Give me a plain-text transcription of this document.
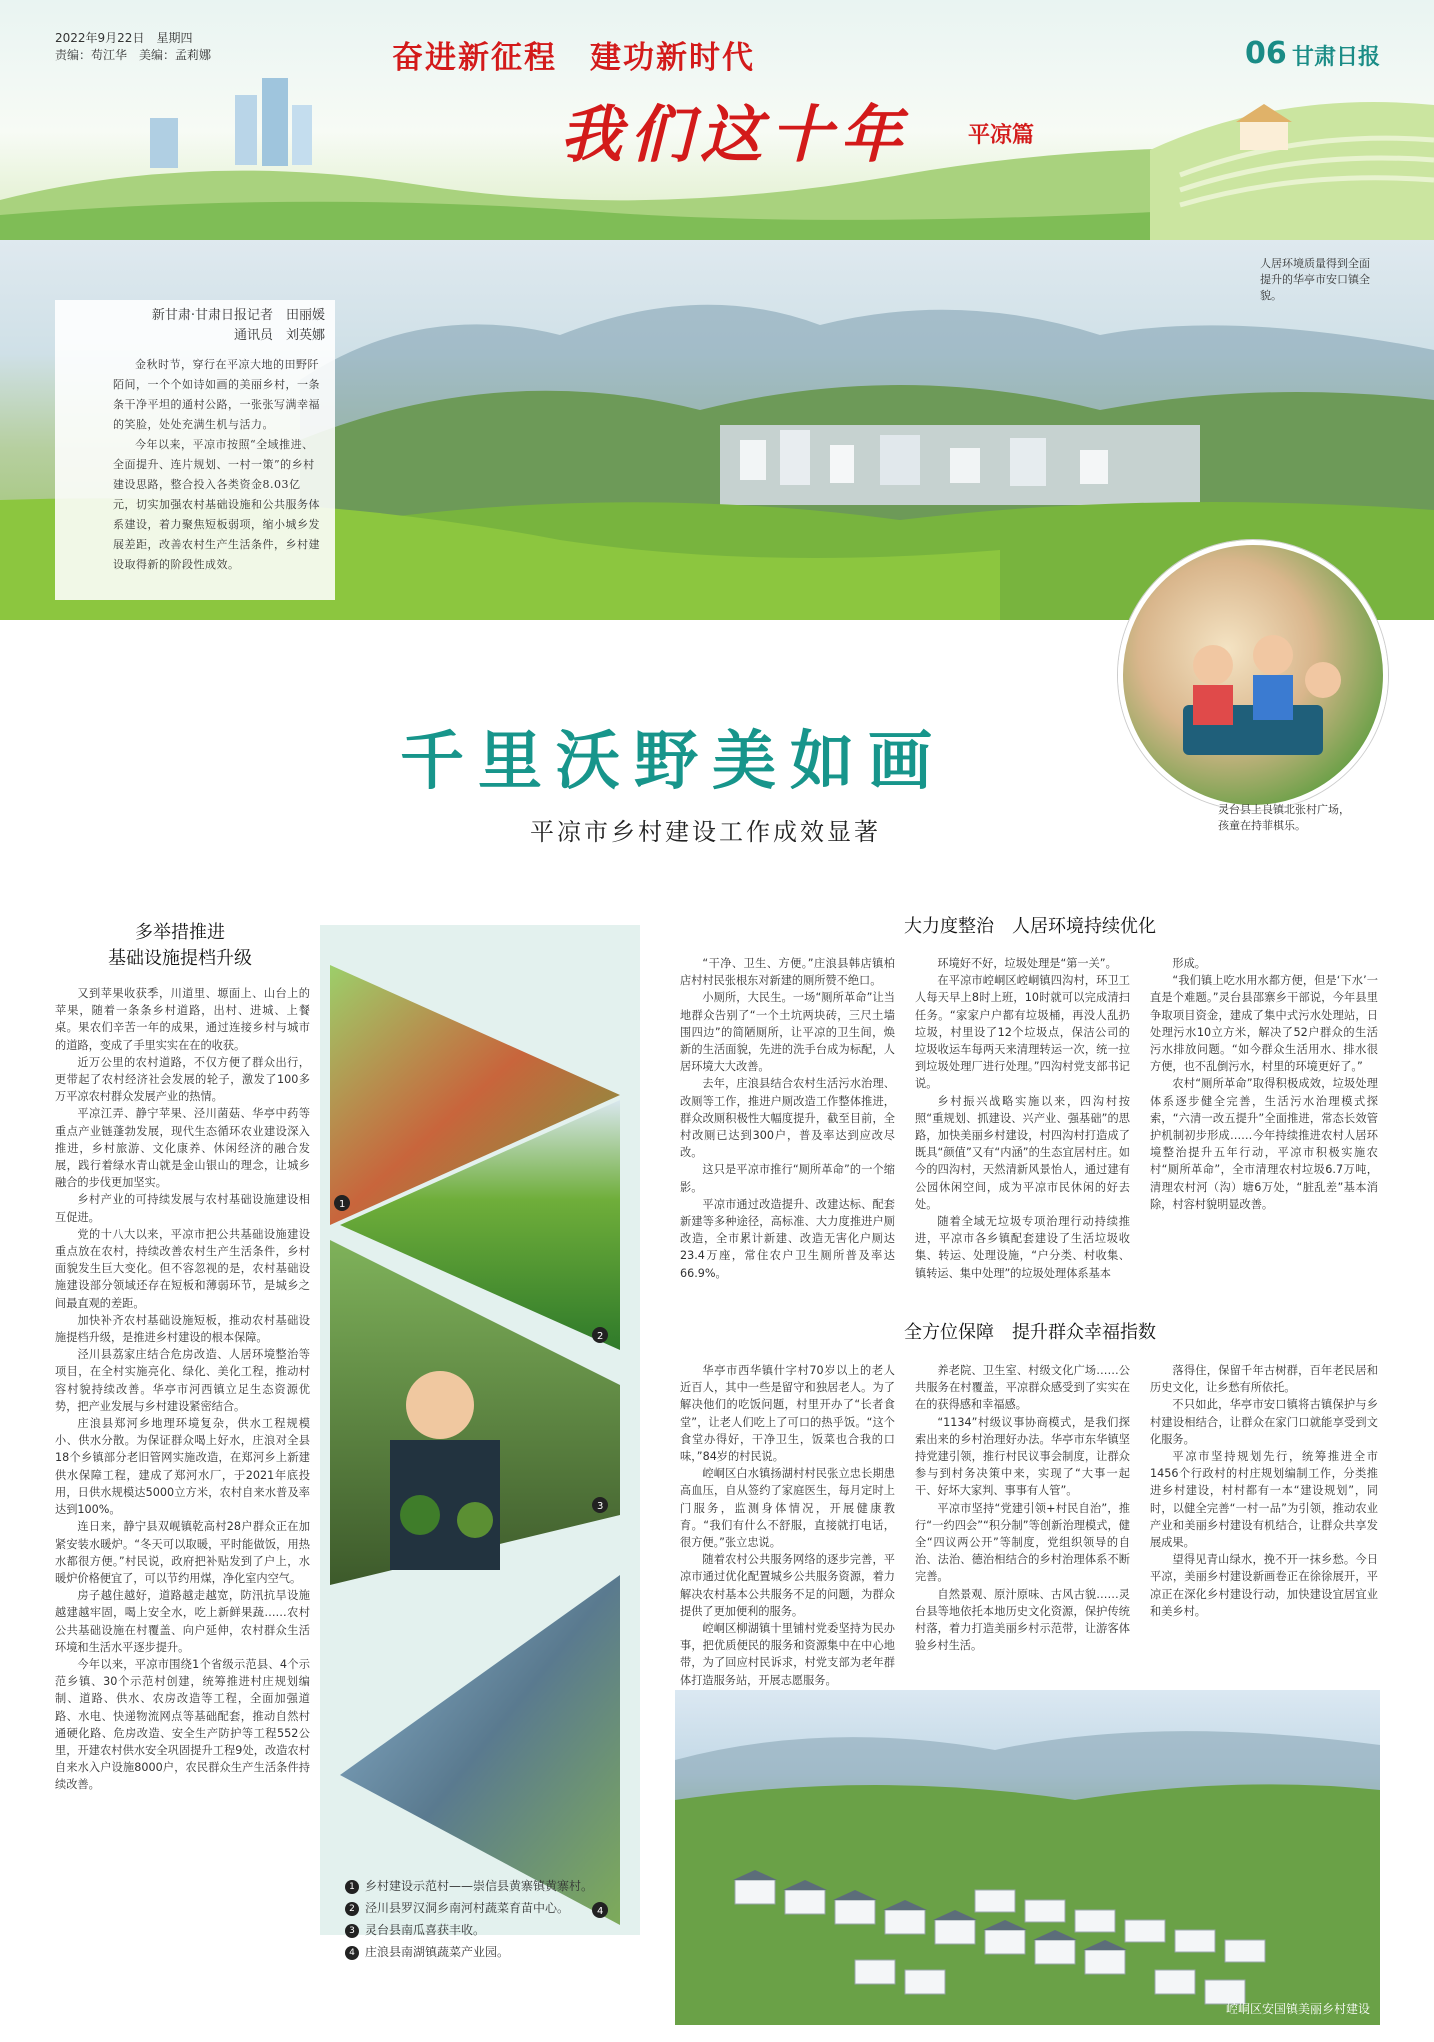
2022年9月22日　星期四
责编：苟江华　美编：孟莉娜	奋进新征程　建功新时代
我们这十年	平凉篇
06 甘肃日报
人居环境质量得到全面提升的华亭市安口镇全貌。
新甘肃·甘肃日报记者　田丽媛
通讯员　刘英娜
金秋时节，穿行在平凉大地的田野阡陌间，一个个如诗如画的美丽乡村，一条条干净平坦的通村公路，一张张写满幸福的笑脸，处处充满生机与活力。
今年以来，平凉市按照“全域推进、全面提升、连片规划、一村一策”的乡村建设思路，整合投入各类资金8.03亿元，切实加强农村基础设施和公共服务体系建设，着力聚焦短板弱项，缩小城乡发展差距，改善农村生产生活条件，乡村建设取得新的阶段性成效。
灵台县上良镇北张村广场，孩童在持菲棋乐。
千里沃野美如画
平凉市乡村建设工作成效显著
多举措推进
基础设施提档升级

又到苹果收获季，川道里、塬面上、山台上的苹果，随着一条条乡村道路，出村、进城、上餐桌。果农们辛苦一年的成果，通过连接乡村与城市的道路，变成了手里实实在在的收获。

近万公里的农村道路，不仅方便了群众出行，更带起了农村经济社会发展的轮子，激发了100多万平凉农村群众发展产业的热情。

平凉江弄、静宁苹果、泾川菌菇、华亭中药等重点产业链蓬勃发展，现代生态循环农业建设深入推进，乡村旅游、文化康养、休闲经济的融合发展，践行着绿水青山就是金山银山的理念，让城乡融合的步伐更加坚实。

乡村产业的可持续发展与农村基础设施建设相互促进。

党的十八大以来，平凉市把公共基础设施建设重点放在农村，持续改善农村生产生活条件，乡村面貌发生巨大变化。但不容忽视的是，农村基础设施建设部分领域还存在短板和薄弱环节，是城乡之间最直观的差距。

加快补齐农村基础设施短板，推动农村基础设施提档升级，是推进乡村建设的根本保障。

泾川县荔家庄结合危房改造、人居环境整治等项目，在全村实施亮化、绿化、美化工程，推动村容村貌持续改善。华亭市河西镇立足生态资源优势，把产业发展与乡村建设紧密结合。

庄浪县郑河乡地理环境复杂，供水工程规模小、供水分散。为保证群众喝上好水，庄浪对全县18个乡镇部分老旧管网实施改造，在郑河乡上新建供水保障工程，建成了郑河水厂，于2021年底投用，日供水规模达5000立方米，农村自来水普及率达到100%。

连日来，静宁县双岘镇乾高村28户群众正在加紧安装水暖炉。“冬天可以取暖，平时能做饭，用热水都很方便。”村民说，政府把补贴发到了户上，水暖炉价格便宜了，可以节约用煤，净化室内空气。

房子越住越好，道路越走越宽，防汛抗旱设施越建越牢固，喝上安全水，吃上新鲜果蔬……农村公共基础设施在村覆盖、向户延伸，农村群众生活环境和生活水平逐步提升。

今年以来，平凉市围绕1个省级示范县、4个示范乡镇、30个示范村创建，统筹推进村庄规划编制、道路、供水、农房改造等工程，全面加强道路、水电、快递物流网点等基础配套，推动自然村通硬化路、危房改造、安全生产防护等工程552公里，开建农村供水安全巩固提升工程9处，改造农村自来水入户设施8000户，农民群众生产生活条件持续改善。

1
2
3
4
1 乡村建设示范村——崇信县黄寨镇黄寨村。
2 泾川县罗汉洞乡南河村蔬菜育苗中心。
3 灵台县南瓜喜获丰收。
4 庄浪县南湖镇蔬菜产业园。
大力度整治　人居环境持续优化

“干净、卫生、方便。”庄浪县韩店镇柏店村村民张根东对新建的厕所赞不绝口。

小厕所，大民生。一场“厕所革命”让当地群众告别了“一个土坑两块砖，三尺土墙围四边”的简陋厕所，让平凉的卫生间，焕新的生活面貌，先进的洗手台成为标配，人居环境大大改善。

去年，庄浪县结合农村生活污水治理、改厕等工作，推进户厕改造工作整体推进，群众改厕积极性大幅度提升，截至目前，全村改厕已达到300户，普及率达到应改尽改。

这只是平凉市推行“厕所革命”的一个缩影。

平凉市通过改造提升、改建达标、配套新建等多种途径，高标准、大力度推进户厕改造，全市累计新建、改造无害化户厕达23.4万座，常住农户卫生厕所普及率达66.9%。

环境好不好，垃圾处理是“第一关”。

在平凉市崆峒区崆峒镇四沟村，环卫工人每天早上8时上班，10时就可以完成清扫任务。“家家户户都有垃圾桶，再没人乱扔垃圾，村里设了12个垃圾点，保洁公司的垃圾收运车每两天来清理转运一次，统一拉到垃圾处理厂进行处理。”四沟村党支部书记说。

乡村振兴战略实施以来，四沟村按照“重规划、抓建设、兴产业、强基础”的思路，加快美丽乡村建设，村四沟村打造成了既具“颜值”又有“内涵”的生态宜居村庄。如今的四沟村，天然清新风景怡人，通过建有公园休闲空间，成为平凉市民休闲的好去处。

随着全域无垃圾专项治理行动持续推进，平凉市各乡镇配套建设了生活垃圾收集、转运、处理设施，“户分类、村收集、镇转运、集中处理”的垃圾处理体系基本

形成。

“我们镇上吃水用水都方便，但是‘下水’一直是个难题。”灵台县邵寨乡干部说，今年县里争取项目资金，建成了集中式污水处理站，日处理污水10立方米，解决了52户群众的生活污水排放问题。“如今群众生活用水、排水很方便，也不乱倒污水，村里的环境更好了。”

农村“厕所革命”取得积极成效，垃圾处理体系逐步健全完善，生活污水治理模式探索，“六清一改五提升”全面推进，常态长效管护机制初步形成……今年持续推进农村人居环境整治提升五年行动，平凉市积极实施农村“厕所革命”，全市清理农村垃圾6.7万吨，清理农村河（沟）塘6万处，“脏乱差”基本消除，村容村貌明显改善。

全方位保障　提升群众幸福指数

华亭市西华镇什字村70岁以上的老人近百人，其中一些是留守和独居老人。为了解决他们的吃饭问题，村里开办了“长者食堂”，让老人们吃上了可口的热乎饭。“这个食堂办得好，干净卫生，饭菜也合我的口味，”84岁的村民说。

崆峒区白水镇扬湖村村民张立忠长期患高血压，自从签约了家庭医生，每月定时上门服务，监测身体情况，开展健康教育。“我们有什么不舒服，直接就打电话，很方便。”张立忠说。

随着农村公共服务网络的逐步完善，平凉市通过优化配置城乡公共服务资源，着力解决农村基本公共服务不足的问题，为群众提供了更加便利的服务。

崆峒区柳湖镇十里铺村党委坚持为民办事，把优质便民的服务和资源集中在中心地带，为了回应村民诉求，村党支部为老年群体打造服务站，开展志愿服务。

养老院、卫生室、村级文化广场……公共服务在村覆盖，平凉群众感受到了实实在在的获得感和幸福感。

“1134”村级议事协商模式，是我们探索出来的乡村治理好办法。华亭市东华镇坚持党建引领，推行村民议事会制度，让群众参与到村务决策中来，实现了“大事一起干、好坏大家判、事事有人管”。

平凉市坚持“党建引领+村民自治”，推行“一约四会”“积分制”等创新治理模式，健全“四议两公开”等制度，党组织领导的自治、法治、德治相结合的乡村治理体系不断完善。

自然景观、原汁原味、古风古貌……灵台县等地依托本地历史文化资源，保护传统村落，着力打造美丽乡村示范带，让游客体验乡村生活。

落得住，保留千年古树群，百年老民居和历史文化，让乡愁有所依托。

不只如此，华亭市安口镇将古镇保护与乡村建设相结合，让群众在家门口就能享受到文化服务。

平凉市坚持规划先行，统筹推进全市1456个行政村的村庄规划编制工作，分类推进乡村建设，村村都有一本“建设规划”，同时，以健全完善“一村一品”为引领，推动农业产业和美丽乡村建设有机结合，让群众共享发展成果。

望得见青山绿水，挽不开一抹乡愁。今日平凉，美丽乡村建设新画卷正在徐徐展开，平凉正在深化乡村建设行动，加快建设宜居宜业和美乡村。

崆峒区安国镇美丽乡村建设
